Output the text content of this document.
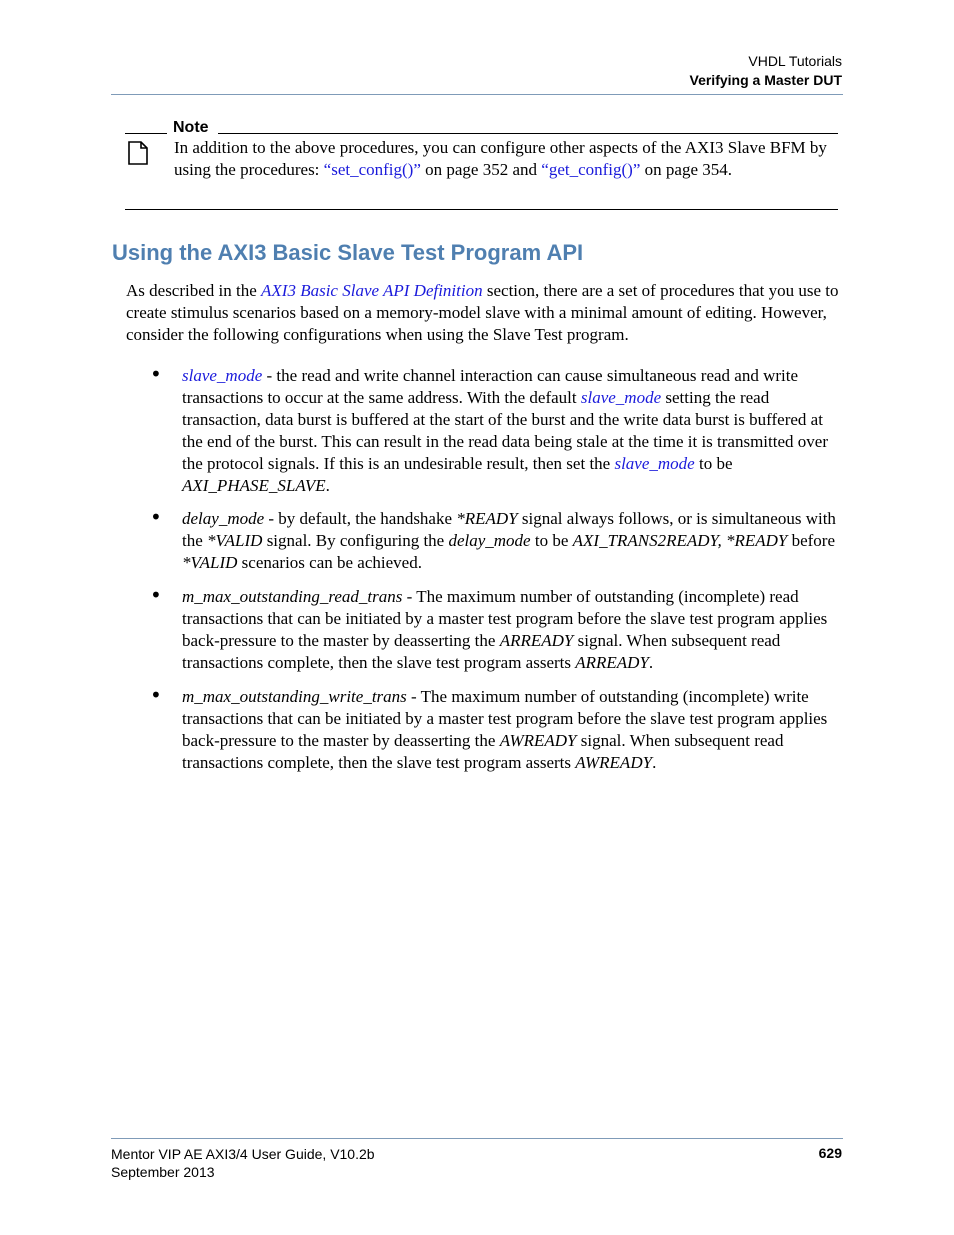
VHDL Tutorials
Verifying a Master DUT
Note
In addition to the above procedures, you can configure other aspects of the AXI3 Slave BFM by using the procedures: “set_config()” on page 352 and “get_config()” on page 354.
Using the AXI3 Basic Slave Test Program API

As described in the AXI3 Basic Slave API Definition section, there are a set of procedures that you use to create stimulus scenarios based on a memory-model slave with a minimal amount of editing. However, consider the following configurations when using the Slave Test program.

• slave_mode - the read and write channel interaction can cause simultaneous read and write transactions to occur at the same address. With the default slave_mode setting the read transaction, data burst is buffered at the start of the burst and the write data burst is buffered at the end of the burst. This can result in the read data being stale at the time it is transmitted over the protocol signals. If this is an undesirable result, then set the slave_mode to be AXI_PHASE_SLAVE.
• delay_mode - by default, the handshake *READY signal always follows, or is simultaneous with the *VALID signal. By configuring the delay_mode to be AXI_TRANS2READY, *READY before *VALID scenarios can be achieved.
• m_max_outstanding_read_trans - The maximum number of outstanding (incomplete) read transactions that can be initiated by a master test program before the slave test program applies back-pressure to the master by deasserting the ARREADY signal. When subsequent read transactions complete, then the slave test program asserts ARREADY.
• m_max_outstanding_write_trans - The maximum number of outstanding (incomplete) write transactions that can be initiated by a master test program before the slave test program applies back-pressure to the master by deasserting the AWREADY signal. When subsequent read transactions complete, then the slave test program asserts AWREADY.
Mentor VIP AE AXI3/4 User Guide, V10.2b
September 2013
629
